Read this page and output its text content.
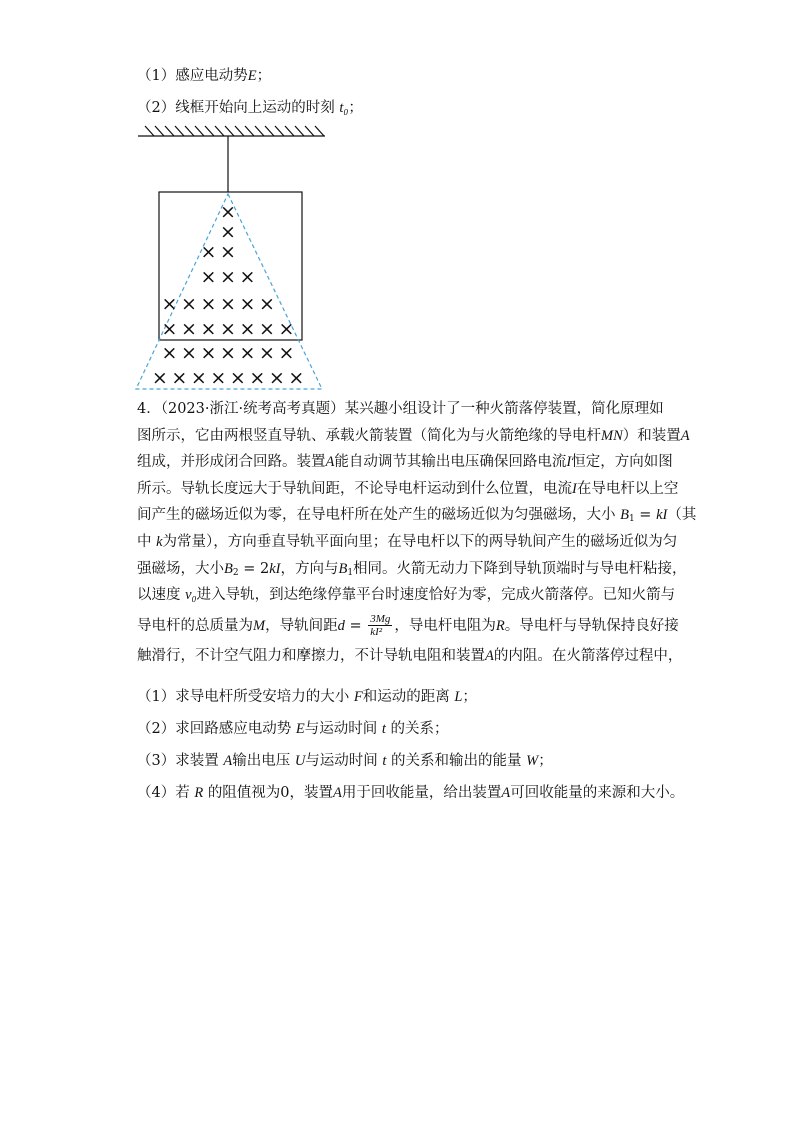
（1）感应电动势E；
（2）线框开始向上运动的时刻 t₀；
×
×
× ×
× × ×
× × × × × ×
× × × × × × ×
× × × × × × ×
× × × × × × × ×
4．（2023·浙江·统考高考真题）某兴趣小组设计了一种火箭落停装置，简化原理如
图所示，它由两根竖直导轨、承载火箭装置（简化为与火箭绝缘的导电杆MN）和装置A
组成，并形成闭合回路。装置A能自动调节其输出电压确保回路电流I恒定，方向如图
所示。导轨长度远大于导轨间距，不论导电杆运动到什么位置，电流I在导电杆以上空
间产生的磁场近似为零，在导电杆所在处产生的磁场近似为匀强磁场，大小 $B_1 = kI$（其
中 k为常量），方向垂直导轨平面向里；在导电杆以下的两导轨间产生的磁场近似为匀
强磁场，大小$B_2 = 2kI$，方向与$B_1$相同。火箭无动力下降到导轨顶端时与导电杆粘接，
以速度 v₀进入导轨，到达绝缘停靠平台时速度恰好为零，完成火箭落停。已知火箭与
导电杆的总质量为M，导轨间距$d = \frac{3Mg}{\text{kI²}}$ ，导电杆电阻为R。导电杆与导轨保持良好接
触滑行，不计空气阻力和摩擦力，不计导轨电阻和装置A的内阻。在火箭落停过程中，
（1）求导电杆所受安培力的大小 F和运动的距离 L；
（2）求回路感应电动势 E与运动时间 t 的关系；
（3）求装置 A输出电压 U与运动时间 t 的关系和输出的能量 W；
（4）若 R 的阻值视为0，装置A用于回收能量，给出装置A可回收能量的来源和大小。
